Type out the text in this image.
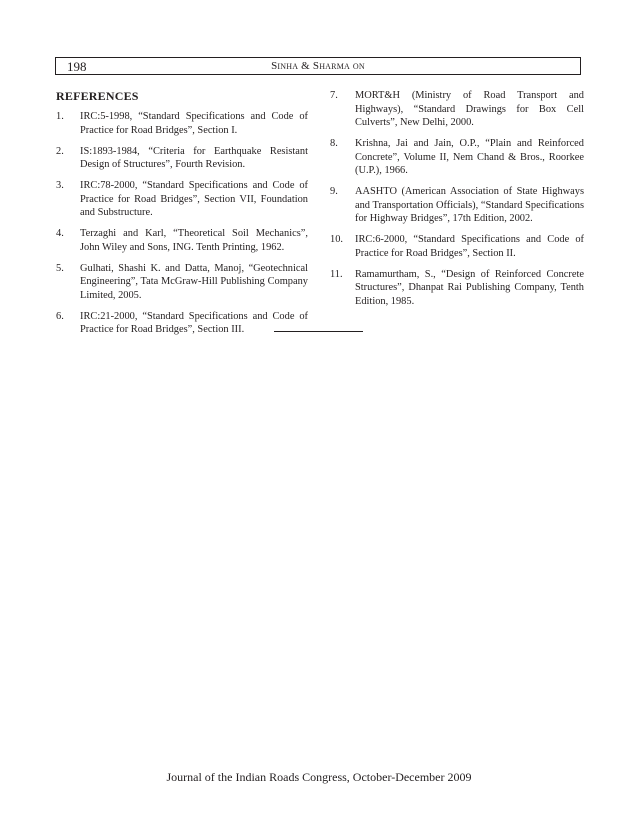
198	Sinha & Sharma on
REFERENCES
1.	IRC:5-1998, “Standard Specifications and Code of Practice for Road Bridges”, Section I.
2.	IS:1893-1984, “Criteria for Earthquake Resistant Design of Structures”, Fourth Revision.
3.	IRC:78-2000, “Standard Specifications and Code of Practice for Road Bridges”, Section VII, Foundation and Substructure.
4.	Terzaghi and Karl, “Theoretical Soil Mechanics”, John Wiley and Sons, ING. Tenth Printing, 1962.
5.	Gulhati, Shashi K. and Datta, Manoj, “Geotechnical Engineering”, Tata McGraw-Hill Publishing Company Limited, 2005.
6.	IRC:21-2000, “Standard Specifications and Code of Practice for Road Bridges”, Section III.
7.	MORT&H (Ministry of Road Transport and Highways), “Standard Drawings for Box Cell Culverts”, New Delhi, 2000.
8.	Krishna, Jai and Jain, O.P., “Plain and Reinforced Concrete”, Volume II, Nem Chand & Bros., Roorkee (U.P.), 1966.
9.	AASHTO (American Association of State Highways and Transportation Officials), “Standard Specifications for Highway Bridges”, 17th Edition, 2002.
10.	IRC:6-2000, “Standard Specifications and Code of Practice for Road Bridges”, Section II.
11.	Ramamurtham, S., “Design of Reinforced Concrete Structures”, Dhanpat Rai Publishing Company, Tenth Edition, 1985.
Journal of the Indian Roads Congress, October-December 2009
